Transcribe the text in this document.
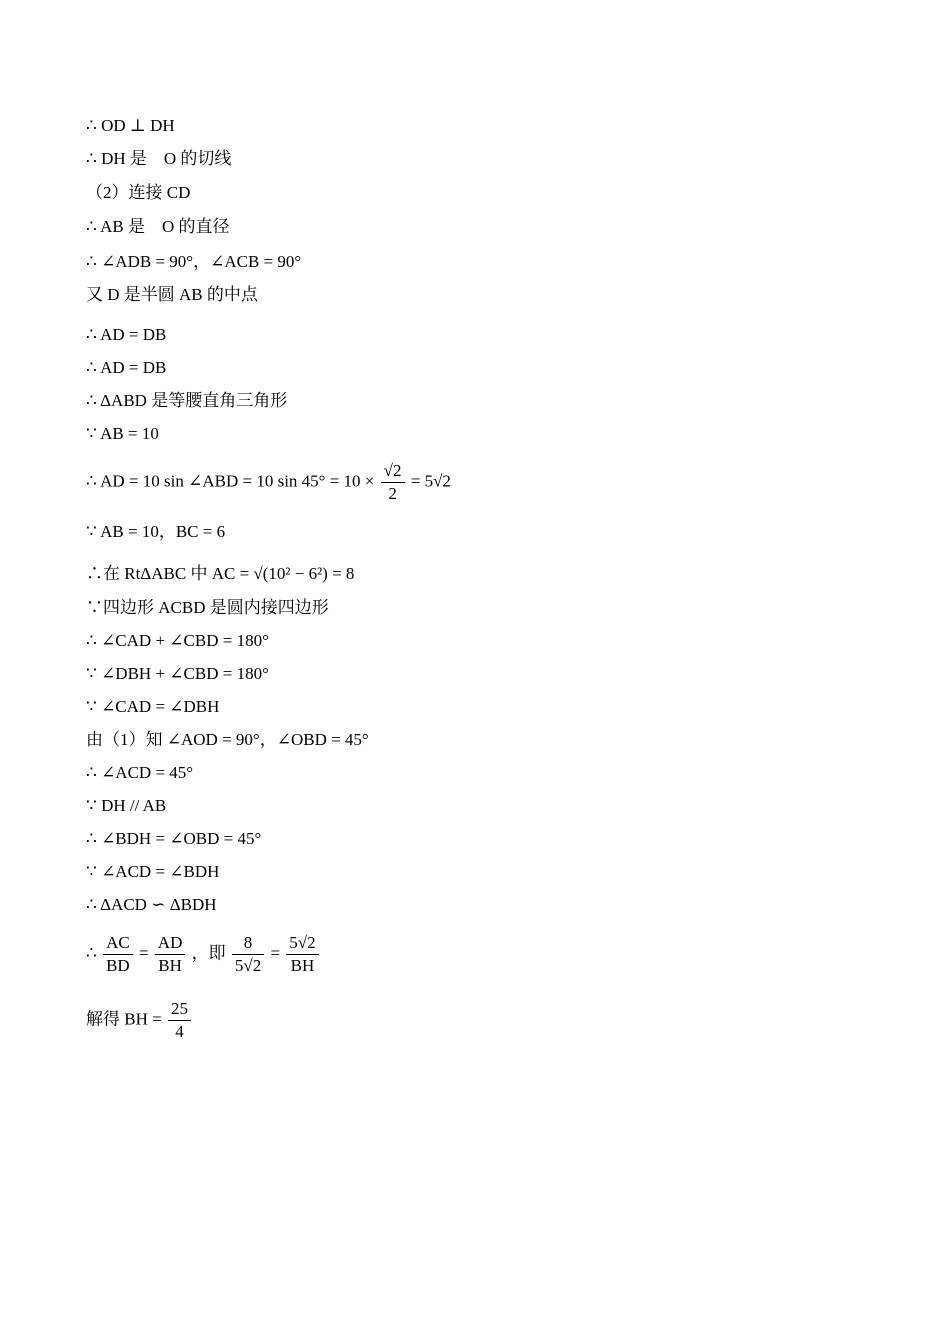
∴ OD ⊥ DH
∴ DH 是　O 的切线
（2）连接 CD
∴ AB 是　O 的直径
∴ ∠ADB = 90°，∠ACB = 90°
又 D 是半圆 AB 的中点
∴ AD = DB
∴ AD = DB
∴ ΔABD 是等腰直角三角形
∵ AB = 10
∴ AD = 10 sin ∠ABD = 10 $\sin 45^\circ = 10 \times \frac{√2}{2} = 5√2$
∵ AB = 10，BC = 6
∴在 RtΔABC 中 AC = √(10² − 6²) = 8
∵四边形 ACBD 是圆内接四边形
∴ ∠CAD + ∠CBD = 180°
∵ ∠DBH + ∠CBD = 180°
∵ ∠CAD = ∠DBH
由（1）知 ∠AOD = 90°，∠OBD = 45°
∴ ∠ACD = 45°
∵ DH // AB
∴ ∠BDH = ∠OBD = 45°
∵ ∠ACD = ∠BDH
∴ ΔACD ∽ ΔBDH
∴ $\frac{AC}{BD} = \frac{AD}{BH}$ ，即 $\frac{8}{5√2} = \frac{5√2}{BH}$
解得 BH = $\frac{25}{4}$
